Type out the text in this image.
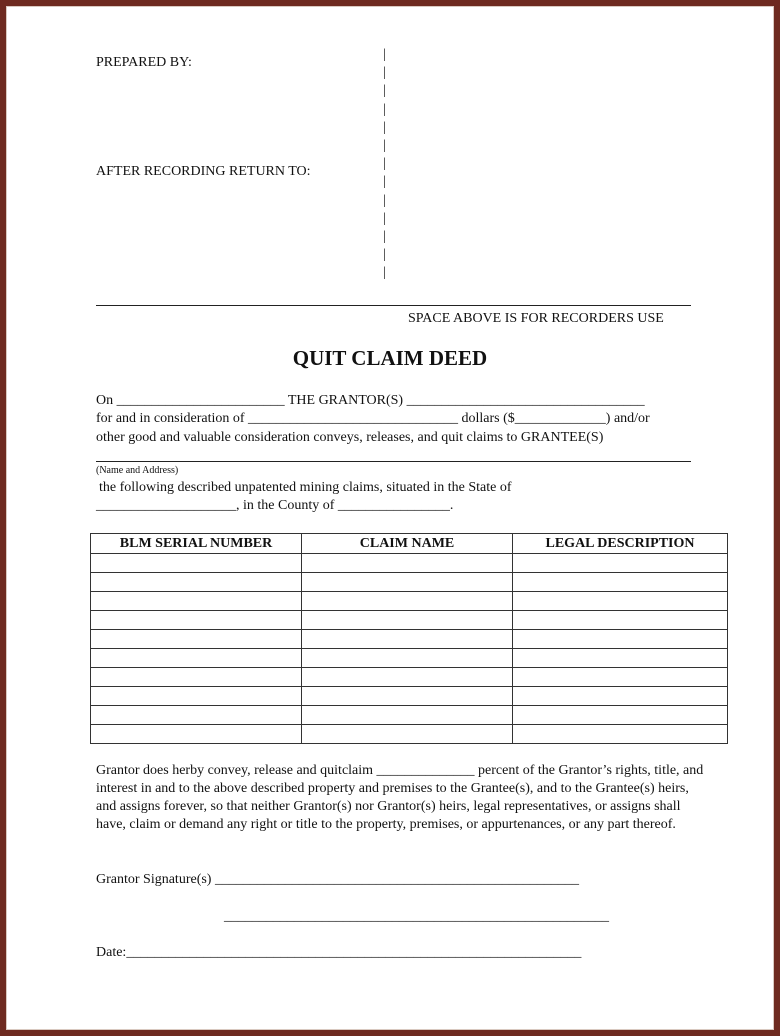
PREPARED BY:
AFTER RECORDING RETURN TO:
|
|
|
|
|
|
|
|
|
|
|
|
|
SPACE ABOVE IS FOR RECORDERS USE
QUIT CLAIM DEED
On ________________________ THE GRANTOR(S) __________________________________
for and in consideration of ______________________________ dollars ($_____________) and/or
other good and valuable consideration conveys, releases, and quit claims to GRANTEE(S)
(Name and Address)
the following described unpatented mining claims, situated in the State of
____________________, in the County of ________________.
BLM SERIAL NUMBER	CLAIM NAME	LEGAL DESCRIPTION

Grantor does herby convey, release and quitclaim ______________ percent of the Grantor’s rights, title, and interest in and to the above described property and premises to the Grantee(s), and to the Grantee(s) heirs, and assigns forever, so that neither Grantor(s) nor Grantor(s) heirs, legal representatives, or assigns shall have, claim or demand any right or title to the property, premises, or appurtenances, or any part thereof.
Grantor Signature(s) ____________________________________________________
_______________________________________________________
Date:_________________________________________________________________
